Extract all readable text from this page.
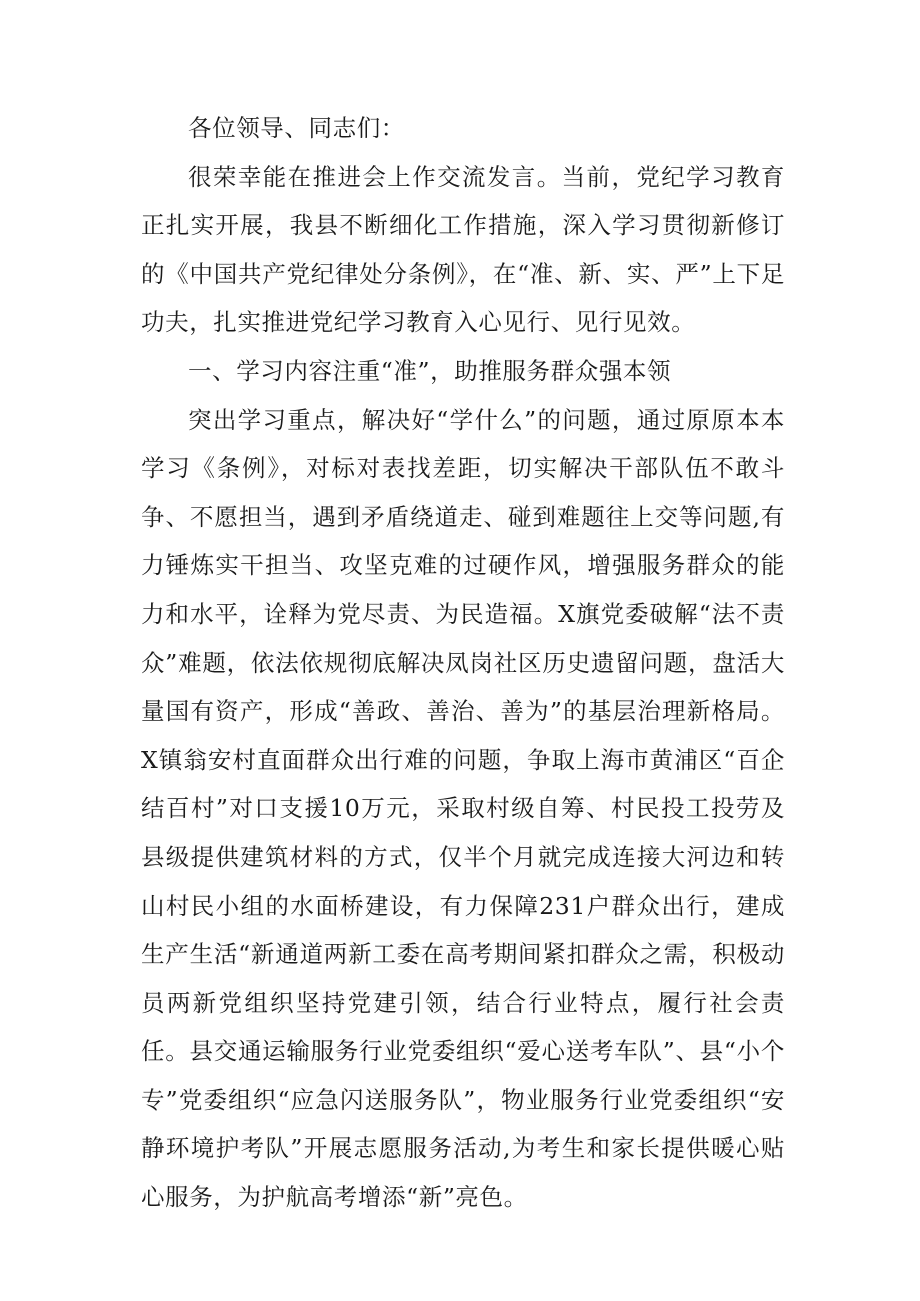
各位领导、同志们：

很荣幸能在推进会上作交流发言。当前，党纪学习教育正扎实开展，我县不断细化工作措施，深入学习贯彻新修订的《中国共产党纪律处分条例》，在“准、新、实、严”上下足功夫，扎实推进党纪学习教育入心见行、见行见效。

一、学习内容注重“准”，助推服务群众强本领

突出学习重点，解决好“学什么”的问题，通过原原本本学习《条例》，对标对表找差距，切实解决干部队伍不敢斗争、不愿担当，遇到矛盾绕道走、碰到难题往上交等问题,有力锤炼实干担当、攻坚克难的过硬作风，增强服务群众的能力和水平，诠释为党尽责、为民造福。X旗党委破解“法不责众”难题，依法依规彻底解决凤岗社区历史遗留问题，盘活大量国有资产，形成“善政、善治、善为”的基层治理新格局。X镇翁安村直面群众出行难的问题，争取上海市黄浦区“百企结百村”对口支援10万元，采取村级自筹、村民投工投劳及县级提供建筑材料的方式，仅半个月就完成连接大河边和转山村民小组的水面桥建设，有力保障231户群众出行，建成生产生活“新通道两新工委在高考期间紧扣群众之需，积极动员两新党组织坚持党建引领，结合行业特点，履行社会责任。县交通运输服务行业党委组织“爱心送考车队”、县“小个专”党委组织“应急闪送服务队”，物业服务行业党委组织“安静环境护考队”开展志愿服务活动,为考生和家长提供暖心贴心服务，为护航高考增添“新”亮色。
